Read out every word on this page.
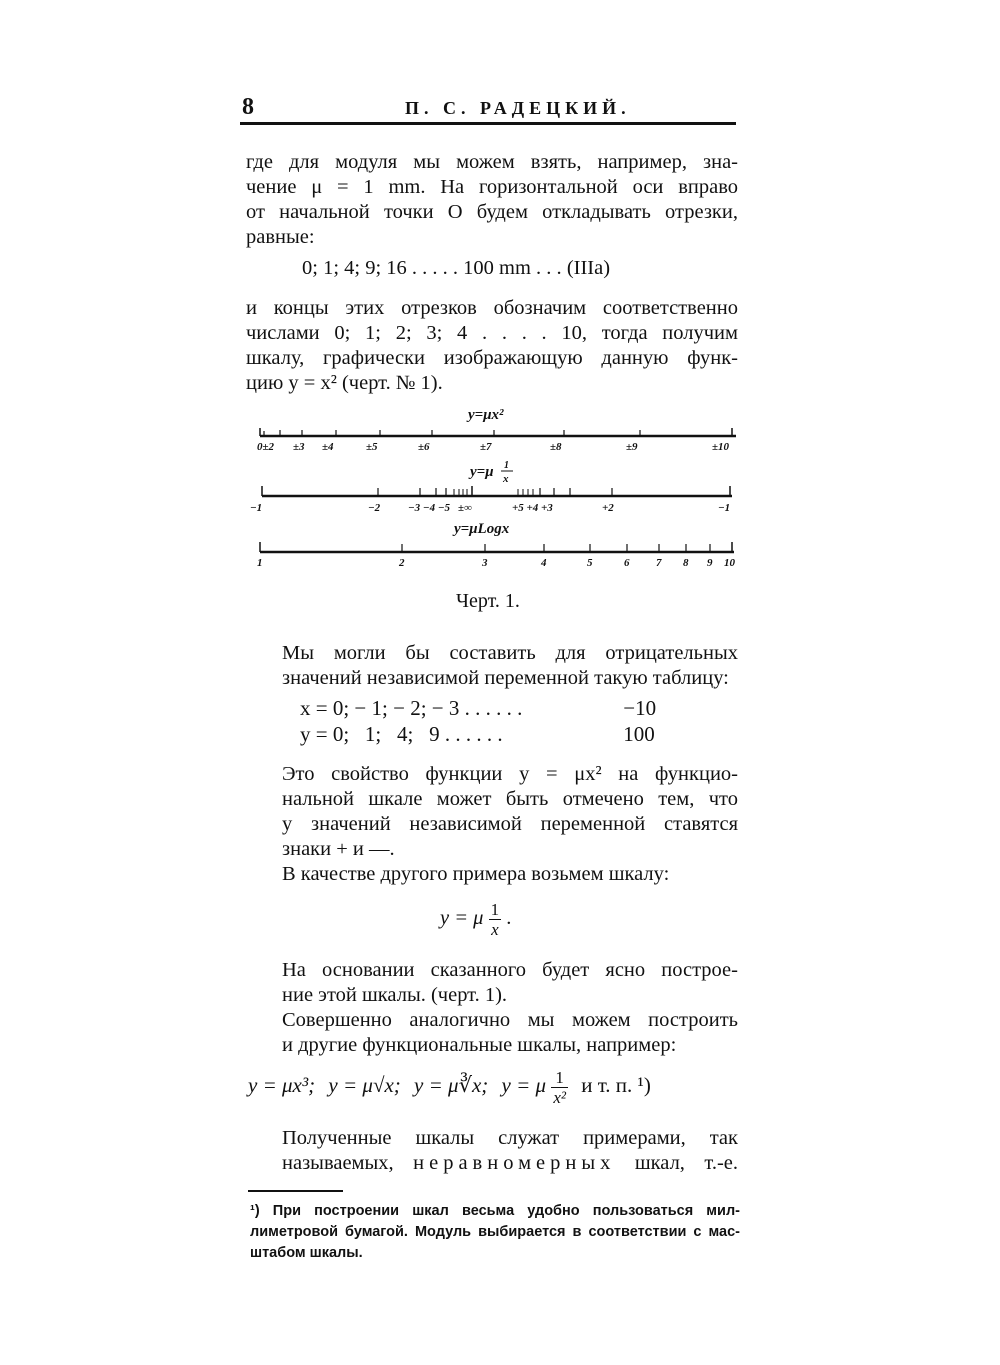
8	П. С. РАДЕЦКИЙ.
где для модуля мы можем взять, например, зна-
чение μ = 1 mm. На горизонтальной оси вправо
от начальной точки O будем откладывать отрезки,
равные:
0; 1; 4; 9; 16 . . . . . 100 mm . . . (IIIa)
и концы этих отрезков обозначим соответственно
числами 0; 1; 2; 3; 4 . . . . 10, тогда получим
шкалу, графически изображающую данную функ-
цию y = x² (черт. № 1).
y=μx²
0±2 ±3 ±4	±5	±6	±7	±8	±9	±10
y=μ 1
x
−1	−2	−3 −4 −5 ±∞	+5 +4 +3	+2	−1
y=μLogx
1	2	3	4	5	6 7 8 9 10
Черт. 1.
Мы могли бы составить для отрицательных
значений независимой переменной такую таблицу:
x = 0; − 1; − 2; − 3 . . . . . .	−10
y = 0;   1;   4;   9 . . . . . .	100
Это свойство функции y = μx² на функцио-
нальной шкале может быть отмечено тем, что
у значений независимой переменной ставятся
знаки + и —.
В качестве другого примера возьмем шкалу:
y = μ $\frac{1}{x}$ .
На основании сказанного будет ясно построе-
ние этой шкалы. (черт. 1).
Совершенно аналогично мы можем построить
и другие функциональные шкалы, например:
y = μx³; y = μ√x; y = μ∛x; y = μ $\frac{1}{\text{x²}}$ и т. п. ¹)
Полученные шкалы служат примерами, так
называемых, неравномерных шкал, т.-е.
¹) При построении шкал весьма удобно пользоваться мил-
лиметровой бумагой. Модуль выбирается в соответствии с мас-
штабом шкалы.
